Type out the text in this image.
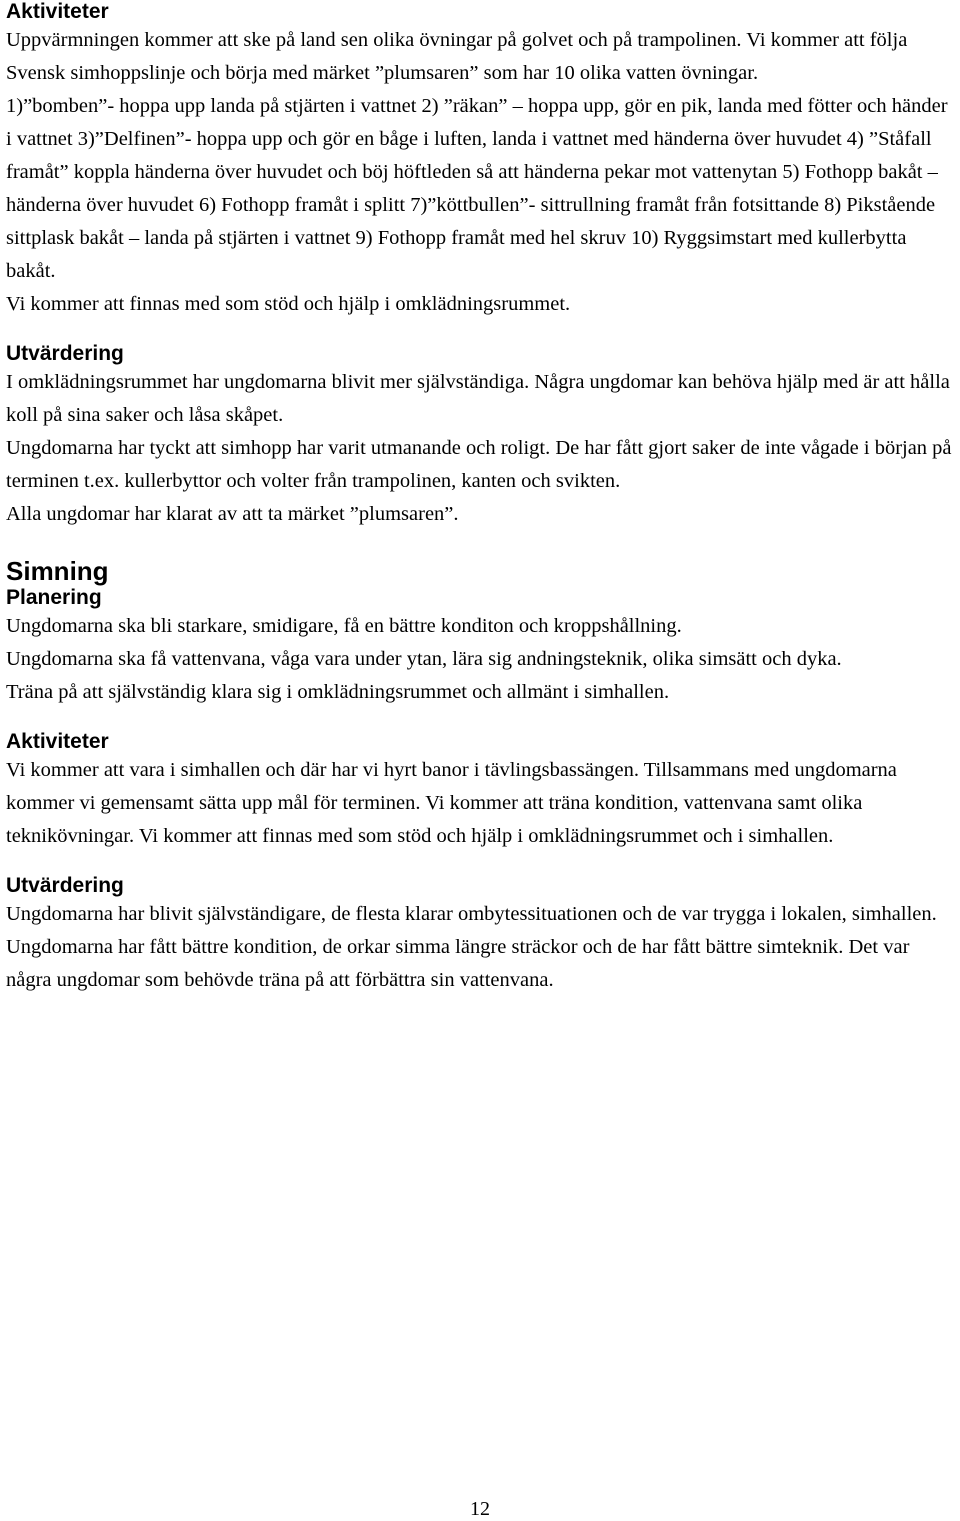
Aktiviteter

Uppvärmningen kommer att ske på land sen olika övningar på golvet och på trampolinen. Vi kommer att följa Svensk simhoppslinje och börja med märket ”plumsaren” som har 10 olika vatten övningar.

1)”bomben”- hoppa upp landa på stjärten i vattnet 2) ”räkan” – hoppa upp, gör en pik, landa med fötter och händer i vattnet 3)”Delfinen”- hoppa upp och gör en båge i luften, landa i vattnet med händerna över huvudet 4) ”Ståfall framåt” koppla händerna över huvudet och böj höftleden så att händerna pekar mot vattenytan 5) Fothopp bakåt – händerna över huvudet 6) Fothopp framåt i splitt 7)”köttbullen”- sittrullning framåt från fotsittande 8) Pikstående sittplask bakåt – landa på stjärten i vattnet 9) Fothopp framåt med hel skruv 10) Ryggsimstart med kullerbytta bakåt.

Vi kommer att finnas med som stöd och hjälp i omklädningsrummet.

Utvärdering

I omklädningsrummet har ungdomarna blivit mer självständiga. Några ungdomar kan behöva hjälp med är att hålla koll på sina saker och låsa skåpet.

Ungdomarna har tyckt att simhopp har varit utmanande och roligt. De har fått gjort saker de inte vågade i början på terminen t.ex. kullerbyttor och volter från trampolinen, kanten och svikten.

Alla ungdomar har klarat av att ta märket ”plumsaren”.

Simning
Planering

Ungdomarna ska bli starkare, smidigare, få en bättre konditon och kroppshållning.

Ungdomarna ska få vattenvana, våga vara under ytan, lära sig andningsteknik, olika simsätt och dyka.

Träna på att självständig klara sig i omklädningsrummet och allmänt i simhallen.

Aktiviteter

Vi kommer att vara i simhallen och där har vi hyrt banor i tävlingsbassängen. Tillsammans med ungdomarna kommer vi gemensamt sätta upp mål för terminen. Vi kommer att träna kondition, vattenvana samt olika teknikövningar. Vi kommer att finnas med som stöd och hjälp i omklädningsrummet och i simhallen.

Utvärdering

Ungdomarna har blivit självständigare, de flesta klarar ombytessituationen och de var trygga i lokalen, simhallen. Ungdomarna har fått bättre kondition, de orkar simma längre sträckor och de har fått bättre simteknik. Det var några ungdomar som behövde träna på att förbättra sin vattenvana.

12
